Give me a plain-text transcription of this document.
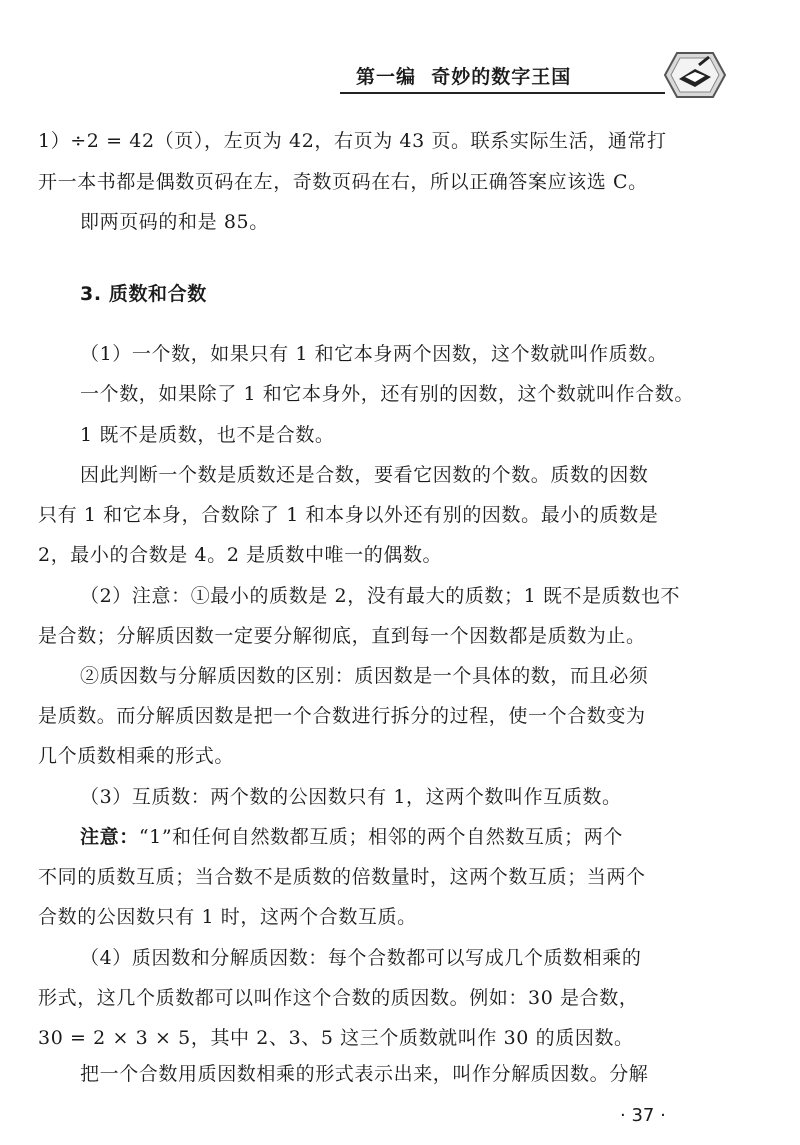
第一编  奇妙的数字王国
1）÷2 = 42（页），左页为 42，右页为 43 页。联系实际生活，通常打
开一本书都是偶数页码在左，奇数页码在右，所以正确答案应该选 C。
即两页码的和是 85。
3. 质数和合数
（1）一个数，如果只有 1 和它本身两个因数，这个数就叫作质数。
一个数，如果除了 1 和它本身外，还有别的因数，这个数就叫作合数。
1 既不是质数，也不是合数。
因此判断一个数是质数还是合数，要看它因数的个数。质数的因数
只有 1 和它本身，合数除了 1 和本身以外还有别的因数。最小的质数是
2，最小的合数是 4。2 是质数中唯一的偶数。
（2）注意：①最小的质数是 2，没有最大的质数；1 既不是质数也不
是合数；分解质因数一定要分解彻底，直到每一个因数都是质数为止。
②质因数与分解质因数的区别：质因数是一个具体的数，而且必须
是质数。而分解质因数是把一个合数进行拆分的过程，使一个合数变为
几个质数相乘的形式。
（3）互质数：两个数的公因数只有 1，这两个数叫作互质数。
注意：“1”和任何自然数都互质；相邻的两个自然数互质；两个
不同的质数互质；当合数不是质数的倍数量时，这两个数互质；当两个
合数的公因数只有 1 时，这两个合数互质。
（4）质因数和分解质因数：每个合数都可以写成几个质数相乘的
形式，这几个质数都可以叫作这个合数的质因数。例如：30 是合数，
30 = 2 × 3 × 5，其中 2、3、5 这三个质数就叫作 30 的质因数。
把一个合数用质因数相乘的形式表示出来，叫作分解质因数。分解
· 37 ·
